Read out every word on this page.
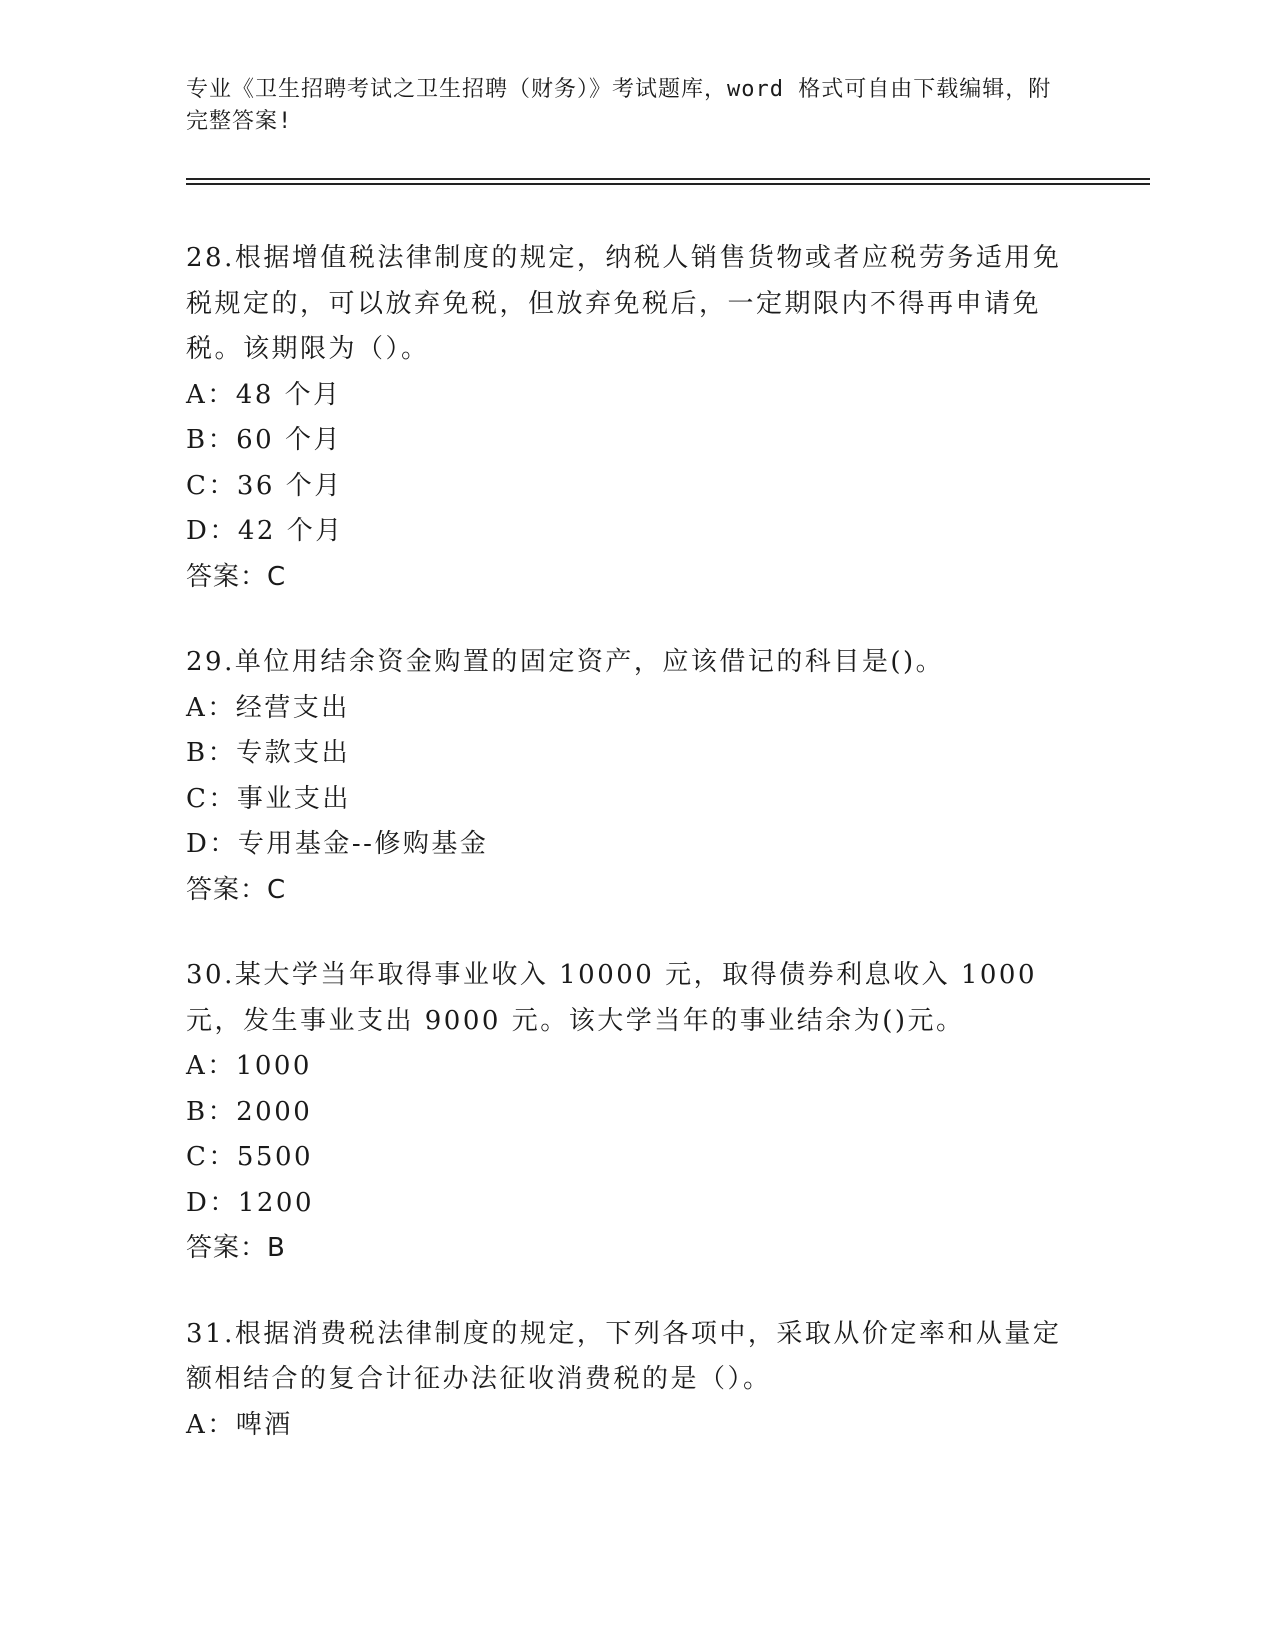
专业《卫生招聘考试之卫生招聘（财务）》考试题库，word 格式可自由下载编辑，附完整答案!

28.根据增值税法律制度的规定，纳税人销售货物或者应税劳务适用免税规定的，可以放弃免税，但放弃免税后，一定期限内不得再申请免税。该期限为（）。

A：48 个月

B：60 个月

C：36 个月

D：42 个月

答案：C

29.单位用结余资金购置的固定资产，应该借记的科目是()。

A：经营支出

B：专款支出

C：事业支出

D：专用基金--修购基金

答案：C

30.某大学当年取得事业收入 10000 元，取得债券利息收入 1000 元，发生事业支出 9000 元。该大学当年的事业结余为()元。

A：1000

B：2000

C：5500

D：1200

答案：B

31.根据消费税法律制度的规定，下列各项中，采取从价定率和从量定额相结合的复合计征办法征收消费税的是（）。

A：啤酒
